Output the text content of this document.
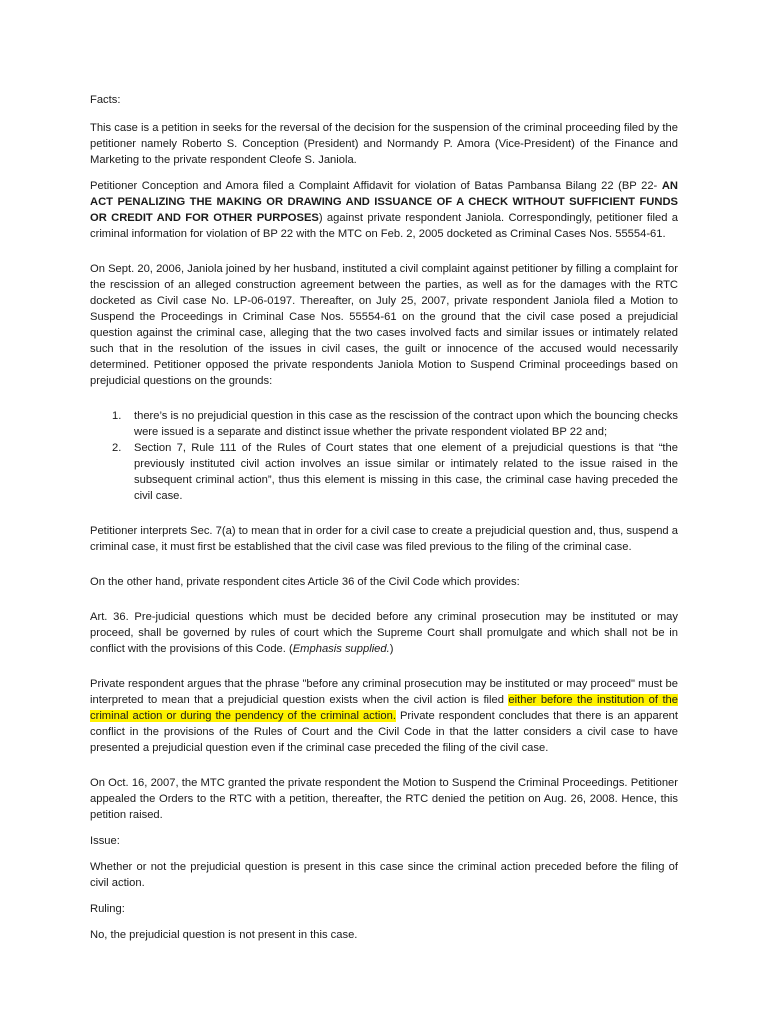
Facts:

This case is a petition in seeks for the reversal of the decision for the suspension of the criminal proceeding filed by the petitioner namely Roberto S. Conception (President) and Normandy P. Amora (Vice-President) of the Finance and Marketing to the private respondent Cleofe S. Janiola.

Petitioner Conception and Amora filed a Complaint Affidavit for violation of Batas Pambansa Bilang 22 (BP 22- AN ACT PENALIZING THE MAKING OR DRAWING AND ISSUANCE OF A CHECK WITHOUT SUFFICIENT FUNDS OR CREDIT AND FOR OTHER PURPOSES) against private respondent Janiola. Correspondingly, petitioner filed a criminal information for violation of BP 22 with the MTC on Feb. 2, 2005 docketed as Criminal Cases Nos. 55554-61.

On Sept. 20, 2006, Janiola joined by her husband, instituted a civil complaint against petitioner by filling a complaint for the rescission of an alleged construction agreement between the parties, as well as for the damages with the RTC docketed as Civil case No. LP-06-0197. Thereafter, on July 25, 2007, private respondent Janiola filed a Motion to Suspend the Proceedings in Criminal Case Nos. 55554-61 on the ground that the civil case posed a prejudicial question against the criminal case, alleging that the two cases involved facts and similar issues or intimately related such that in the resolution of the issues in civil cases, the guilt or innocence of the accused would necessarily determined. Petitioner opposed the private respondents Janiola Motion to Suspend Criminal proceedings based on prejudicial questions on the grounds:

1. there’s is no prejudicial question in this case as the rescission of the contract upon which the bouncing checks were issued is a separate and distinct issue whether the private respondent violated BP 22 and;
2. Section 7, Rule 111 of the Rules of Court states that one element of a prejudicial questions is that “the previously instituted civil action involves an issue similar or intimately related to the issue raised in the subsequent criminal action”, thus this element is missing in this case, the criminal case having preceded the civil case.

Petitioner interprets Sec. 7(a) to mean that in order for a civil case to create a prejudicial question and, thus, suspend a criminal case, it must first be established that the civil case was filed previous to the filing of the criminal case.

On the other hand, private respondent cites Article 36 of the Civil Code which provides:

Art. 36. Pre-judicial questions which must be decided before any criminal prosecution may be instituted or may proceed, shall be governed by rules of court which the Supreme Court shall promulgate and which shall not be in conflict with the provisions of this Code. (Emphasis supplied.)

Private respondent argues that the phrase "before any criminal prosecution may be instituted or may proceed" must be interpreted to mean that a prejudicial question exists when the civil action is filed either before the institution of the criminal action or during the pendency of the criminal action. Private respondent concludes that there is an apparent conflict in the provisions of the Rules of Court and the Civil Code in that the latter considers a civil case to have presented a prejudicial question even if the criminal case preceded the filing of the civil case.

On Oct. 16, 2007, the MTC granted the private respondent the Motion to Suspend the Criminal Proceedings. Petitioner appealed the Orders to the RTC with a petition, thereafter, the RTC denied the petition on Aug. 26, 2008. Hence, this petition raised.

Issue:

Whether or not the prejudicial question is present in this case since the criminal action preceded before the filing of civil action.

Ruling:

No, the prejudicial question is not present in this case.
